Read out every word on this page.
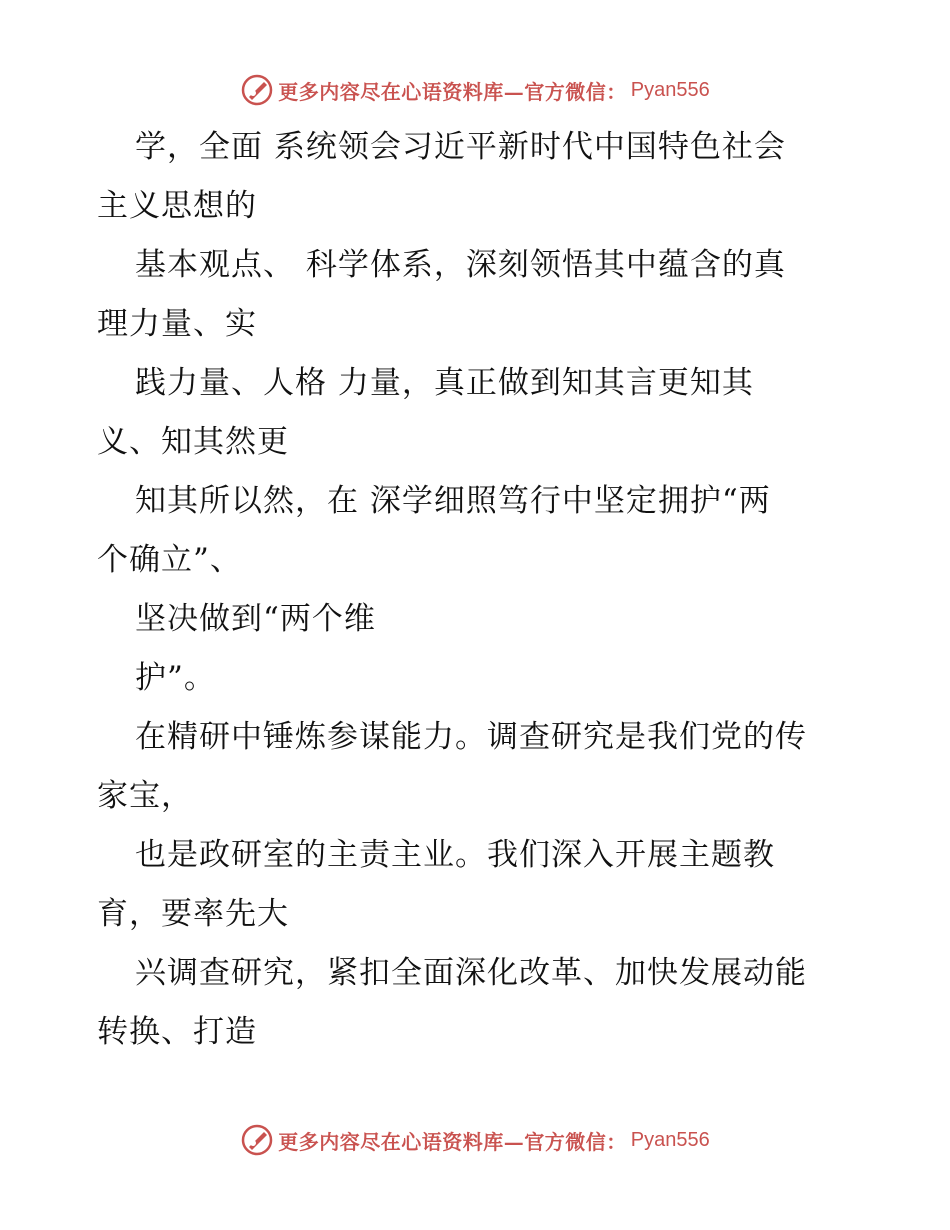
更多内容尽在心语资料库—官方微信： Pyan556
学，全面 系统领会习近平新时代中国特色社会
主义思想的
基本观点、 科学体系，深刻领悟其中蕴含的真
理力量、实
践力量、人格 力量，真正做到知其言更知其
义、知其然更
知其所以然，在 深学细照笃行中坚定拥护“两
个确立”、
坚决做到“两个维
护”。
在精研中锤炼参谋能力。调查研究是我们党的传
家宝，
也是政研室的主责主业。我们深入开展主题教
育，要率先大
兴调查研究，紧扣全面深化改革、加快发展动能
转换、打造
更多内容尽在心语资料库—官方微信： Pyan556
